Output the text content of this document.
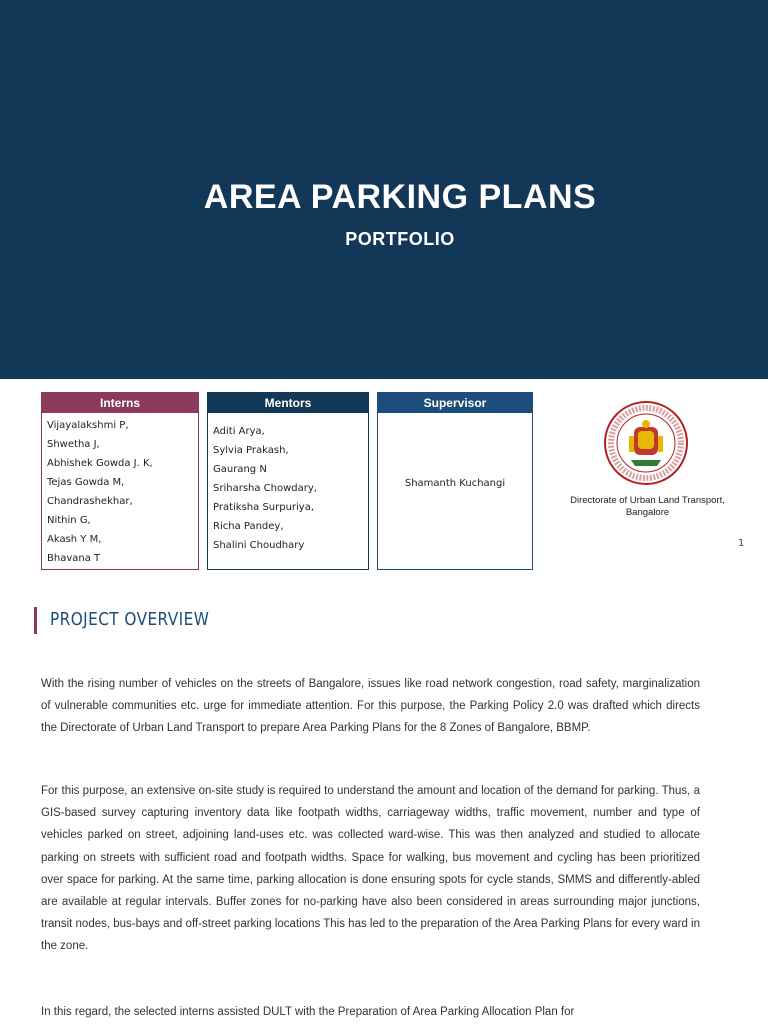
AREA PARKING PLANS
PORTFOLIO
Interns
Vijayalakshmi P,
Shwetha J,
Abhishek Gowda J. K,
Tejas Gowda M,
Chandrashekhar,
Nithin G,
Akash Y M,
Bhavana T
Mentors
Aditi Arya,
Sylvia Prakash,
Gaurang N
Sriharsha Chowdary,
Pratiksha Surpuriya,
Richa Pandey,
Shalini Choudhary
Supervisor
Shamanth Kuchangi
Directorate of Urban Land Transport,
Bangalore
1
PROJECT OVERVIEW
With the rising number of vehicles on the streets of Bangalore, issues like road network congestion, road safety, marginalization of vulnerable communities etc. urge for immediate attention. For this purpose, the Parking Policy 2.0 was drafted which directs the Directorate of Urban Land Transport to prepare Area Parking Plans for the 8 Zones of Bangalore, BBMP.
For this purpose, an extensive on-site study is required to understand the amount and location of the demand for parking. Thus, a GIS-based survey capturing inventory data like footpath widths, carriageway widths, traffic movement, number and type of vehicles parked on street, adjoining land-uses etc. was collected ward-wise. This was then analyzed and studied to allocate parking on streets with sufficient road and footpath widths. Space for walking, bus movement and cycling has been prioritized over space for parking. At the same time, parking allocation is done ensuring spots for cycle stands, SMMS and differently-abled are available at regular intervals. Buffer zones for no-parking have also been considered in areas surrounding major junctions, transit nodes, bus-bays and off-street parking locations This has led to the preparation of the Area Parking Plans for every ward in the zone.
In this regard, the selected interns assisted DULT with the Preparation of Area Parking Allocation Plan for
